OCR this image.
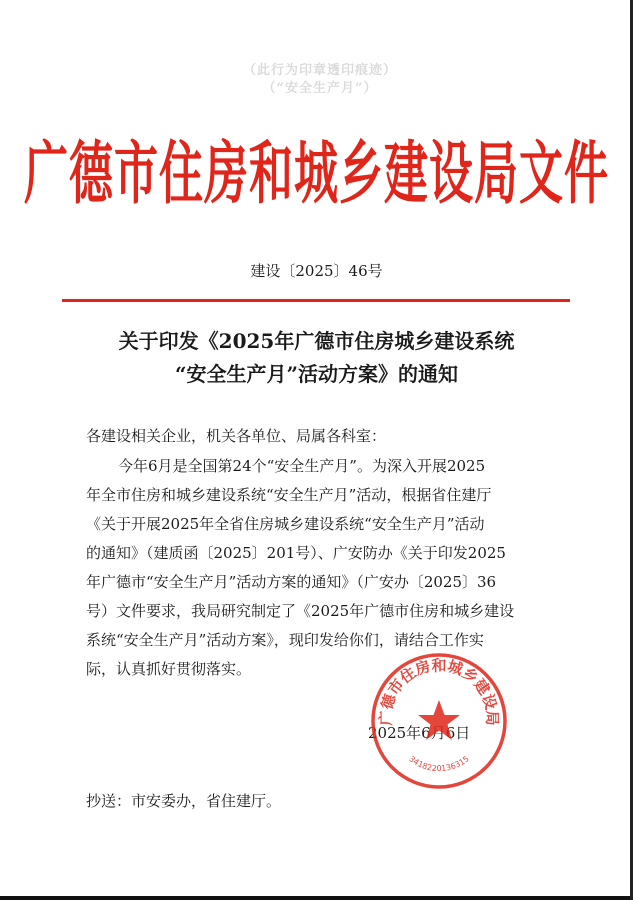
（此行为印章透印痕迹）
（“安全生产月”）
广德市住房和城乡建设局文件
建设〔2025〕46号
关于印发《2025年广德市住房城乡建设系统
“安全生产月”活动方案》的通知
各建设相关企业，机关各单位、局属各科室：
今年6月是全国第24个“安全生产月”。为深入开展2025
年全市住房和城乡建设系统“安全生产月”活动，根据省住建厅
《关于开展2025年全省住房城乡建设系统“安全生产月”活动
的通知》（建质函〔2025〕201号）、广安防办《关于印发2025
年广德市“安全生产月”活动方案的通知》（广安办〔2025〕36
号）文件要求，我局研究制定了《2025年广德市住房和城乡建设
系统“安全生产月”活动方案》，现印发给你们，请结合工作实
际，认真抓好贯彻落实。
2025年6月6日
广德市住房和城乡建设局
3418220136315
抄送：市安委办，省住建厅。
